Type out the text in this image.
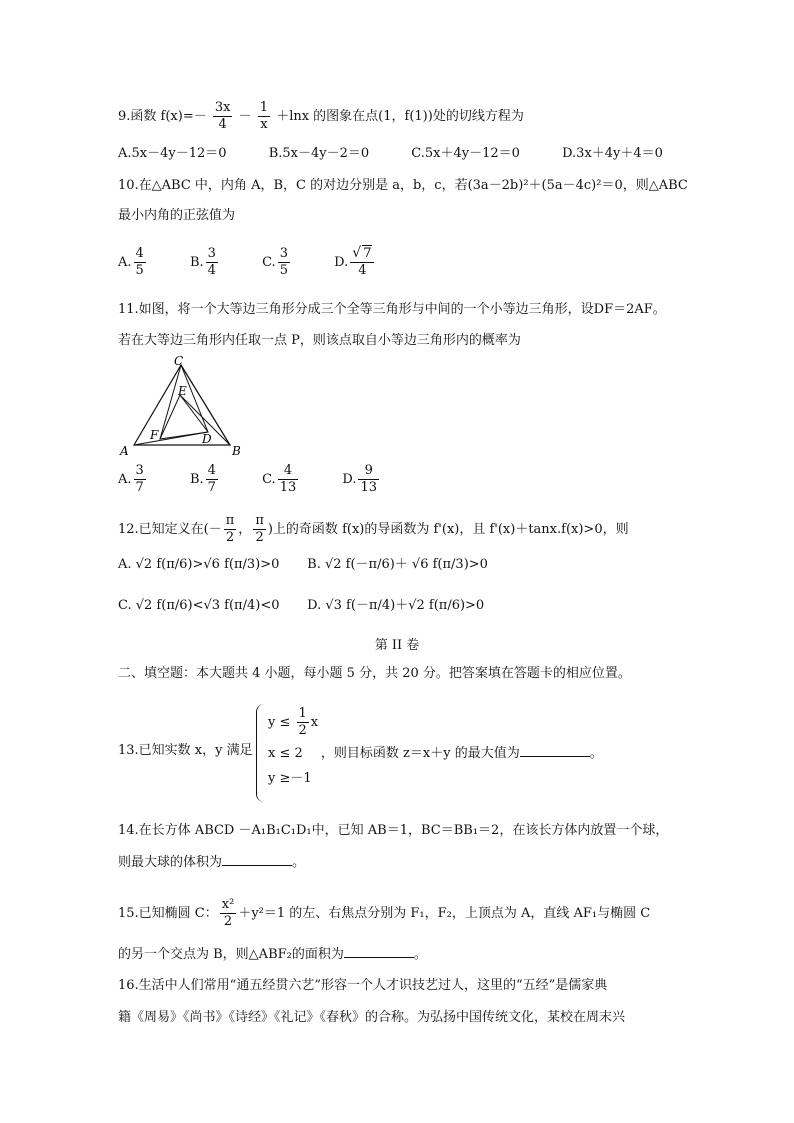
9.函数 $f(x)=- \frac{3x}{4} - \frac{1}{x} +\ln x$ 的图象在点(1，f(1))处的切线方程为
A.5x－4y－12＝0	B.5x－4y－2＝0	C.5x＋4y－12＝0	D.3x＋4y＋4＝0
10.在△ABC 中，内角 A，B，C 的对边分别是 a，b，c，若(3a－2b)²＋(5a－4c)²＝0，则△ABC
最小内角的正弦值为
A. $\frac{4}{5}$	B. $\frac{3}{4}$	C. $\frac{3}{5}$	D.
√ $\frac{7}{4}$
11.如图，将一个大等边三角形分成三个全等三角形与中间的一个小等边三角形，设DF＝2AF。
若在大等边三角形内任取一点 P，则该点取自小等边三角形内的概率为
A	B
C
D
E
F
A. $\frac{3}{7}$	B. $\frac{4}{7}$	C. $\frac{4}{13}$	D. $\frac{9}{13}$
12.已知定义在(－ $\frac{\pi}{2}$ ， $\frac{\pi}{2}$ )上的奇函数 f(x)的导函数为 f'(x)，且 f'(x)＋tanx.f(x)>0，则
A. √2 f(π/6)>√6 f(π/3)>0 B. √2 f(－π/6)＋ √6 f(π/3)>0
C. √2 f(π/6)<√3 f(π/4)<0 D. √3 f(－π/4)＋√2 f(π/6)>0
第 II 卷
二、填空题：本大题共 4 小题，每小题 5 分，共 20 分。把答案填在答题卡的相应位置。
13.已知实数 x，y 满足
$y \le \frac{1}{2}$ x
x ≤ 2 ，则目标函数 z＝x＋y 的最大值为	。
y ≥－1
14.在长方体 ABCD －A₁B₁C₁D₁中，已知 AB＝1，BC＝BB₁＝2，在该长方体内放置一个球，
则最大球的体积为	。
15.已知椭圆 C： $\frac{\text{x²}}{2} +y^2=1$ 的左、右焦点分别为 F₁，F₂，上顶点为 A，直线 AF₁与椭圆 C
的另一个交点为 B，则△ABF₂的面积为	。
16.生活中人们常用“通五经贯六艺”形容一个人才识技艺过人，这里的“五经”是儒家典
籍《周易》《尚书》《诗经》《礼记》《春秋》的合称。为弘扬中国传统文化，某校在周末兴
